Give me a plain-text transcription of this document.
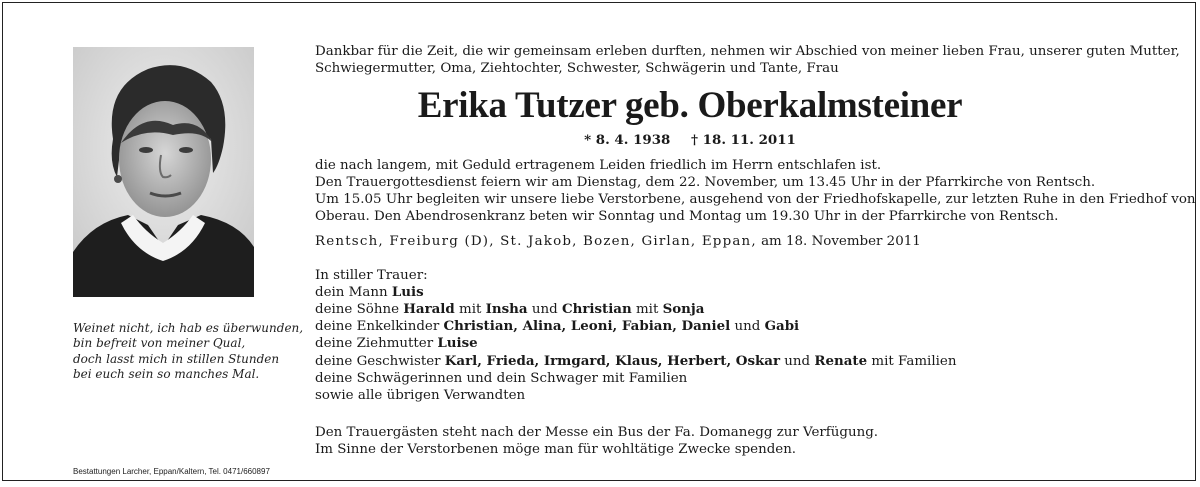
Weinet nicht, ich hab es überwunden,
bin befreit von meiner Qual,
doch lasst mich in stillen Stunden
bei euch sein so manches Mal.
Bestattungen Larcher, Eppan/Kaltern, Tel. 0471/660897
Dankbar für die Zeit, die wir gemeinsam erleben durften, nehmen wir Abschied von meiner lieben Frau, unserer guten Mutter,
Schwiegermutter, Oma, Ziehtochter, Schwester, Schwägerin und Tante, Frau
Erika Tutzer geb. Oberkalmsteiner
* 8. 4. 1938 † 18. 11. 2011
die nach langem, mit Geduld ertragenem Leiden friedlich im Herrn entschlafen ist.
Den Trauergottesdienst feiern wir am Dienstag, dem 22. November, um 13.45 Uhr in der Pfarrkirche von Rentsch.
Um 15.05 Uhr begleiten wir unsere liebe Verstorbene, ausgehend von der Friedhofskapelle, zur letzten Ruhe in den Friedhof von
Oberau. Den Abendrosenkranz beten wir Sonntag und Montag um 19.30 Uhr in der Pfarrkirche von Rentsch.
Rentsch, Freiburg (D), St. Jakob, Bozen, Girlan, Eppan, am 18. November 2011
In stiller Trauer:
dein Mann Luis
deine Söhne Harald mit Insha und Christian mit Sonja
deine Enkelkinder Christian, Alina, Leoni, Fabian, Daniel und Gabi
deine Ziehmutter Luise
deine Geschwister Karl, Frieda, Irmgard, Klaus, Herbert, Oskar und Renate mit Familien
deine Schwägerinnen und dein Schwager mit Familien
sowie alle übrigen Verwandten
Den Trauergästen steht nach der Messe ein Bus der Fa. Domanegg zur Verfügung.
Im Sinne der Verstorbenen möge man für wohltätige Zwecke spenden.
